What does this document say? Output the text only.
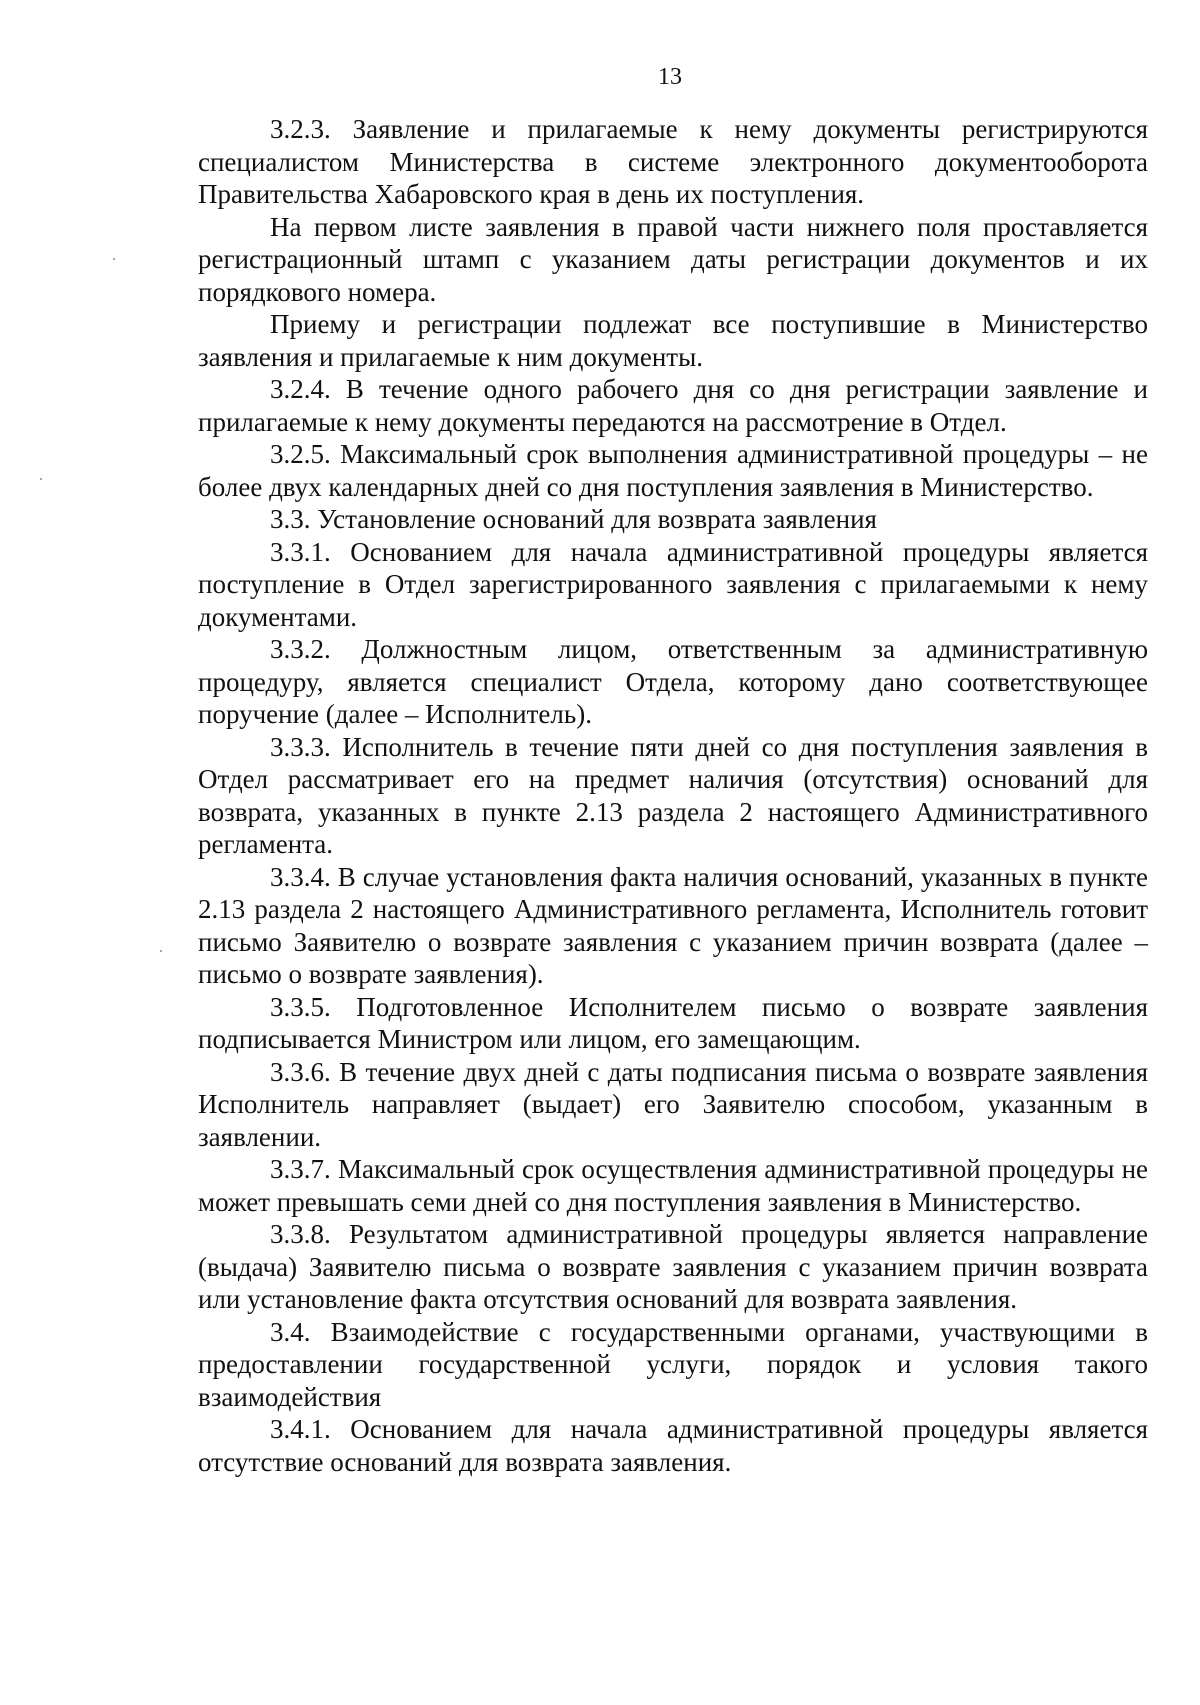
13

3.2.3. Заявление и прилагаемые к нему документы регистрируются специалистом Министерства в системе электронного документооборота Правительства Хабаровского края в день их поступления.

На первом листе заявления в правой части нижнего поля проставляется регистрационный штамп с указанием даты регистрации документов и их порядкового номера.

Приему и регистрации подлежат все поступившие в Министерство заявления и прилагаемые к ним документы.

3.2.4. В течение одного рабочего дня со дня регистрации заявление и прилагаемые к нему документы передаются на рассмотрение в Отдел.

3.2.5. Максимальный срок выполнения административной процедуры – не более двух календарных дней со дня поступления заявления в Министерство.

3.3. Установление оснований для возврата заявления

3.3.1. Основанием для начала административной процедуры является поступление в Отдел зарегистрированного заявления с прилагаемыми к нему документами.

3.3.2. Должностным лицом, ответственным за административную процедуру, является специалист Отдела, которому дано соответствующее поручение (далее – Исполнитель).

3.3.3. Исполнитель в течение пяти дней со дня поступления заявления в Отдел рассматривает его на предмет наличия (отсутствия) оснований для возврата, указанных в пункте 2.13 раздела 2 настоящего Административного регламента.

3.3.4. В случае установления факта наличия оснований, указанных в пункте 2.13 раздела 2 настоящего Административного регламента, Исполнитель готовит письмо Заявителю о возврате заявления с указанием причин возврата (далее – письмо о возврате заявления).

3.3.5. Подготовленное Исполнителем письмо о возврате заявления подписывается Министром или лицом, его замещающим.

3.3.6. В течение двух дней с даты подписания письма о возврате заявления Исполнитель направляет (выдает) его Заявителю способом, указанным в заявлении.

3.3.7. Максимальный срок осуществления административной процедуры не может превышать семи дней со дня поступления заявления в Министерство.

3.3.8. Результатом административной процедуры является направление (выдача) Заявителю письма о возврате заявления с указанием причин возврата или установление факта отсутствия оснований для возврата заявления.

3.4. Взаимодействие с государственными органами, участвующими в предоставлении государственной услуги, порядок и условия такого взаимодействия

3.4.1. Основанием для начала административной процедуры является отсутствие оснований для возврата заявления.
